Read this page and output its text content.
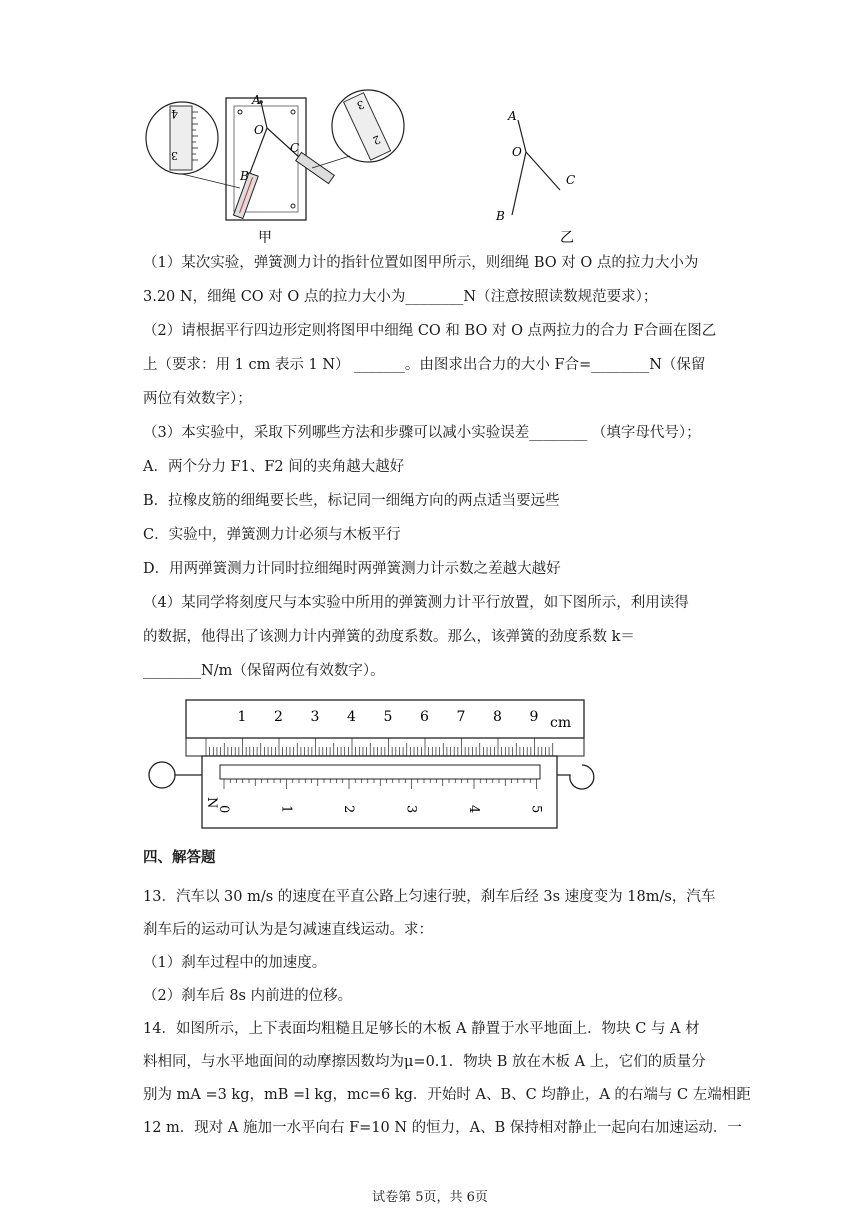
4
3
3
2
A
O
C
B
甲
A
O
C
B
乙
（1）某次实验，弹簧测力计的指针位置如图甲所示，则细绳 BO 对 O 点的拉力大小为
3.20 N，细绳 CO 对 O 点的拉力大小为________N（注意按照读数规范要求）；
（2）请根据平行四边形定则将图甲中细绳 CO 和 BO 对 O 点两拉力的合力 F合画在图乙
上（要求：用 1 cm 表示 1 N） _______。由图求出合力的大小 F合=________N（保留
两位有效数字）；
（3）本实验中，采取下列哪些方法和步骤可以减小实验误差________ （填字母代号）；
A．两个分力 F1、F2 间的夹角越大越好
B．拉橡皮筋的细绳要长些，标记同一细绳方向的两点适当要远些
C．实验中，弹簧测力计必须与木板平行
D．用两弹簧测力计同时拉细绳时两弹簧测力计示数之差越大越好
（4）某同学将刻度尺与本实验中所用的弹簧测力计平行放置，如下图所示，利用读得
的数据，他得出了该测力计内弹簧的劲度系数。那么，该弹簧的劲度系数 k＝
________N/m（保留两位有效数字）。
cm
N
1 2 3 4 5 6 7 8 9
0	1	2	3	4	5
四、解答题
13．汽车以 30 m/s 的速度在平直公路上匀速行驶，刹车后经 3s 速度变为 18m/s，汽车
刹车后的运动可认为是匀减速直线运动。求：
（1）刹车过程中的加速度。
（2）刹车后 8s 内前进的位移。
14．如图所示，上下表面均粗糙且足够长的木板 A 静置于水平地面上．物块 C 与 A 材
料相同，与水平地面间的动摩擦因数均为μ=0.1．物块 B 放在木板 A 上，它们的质量分
别为 mA =3 kg，mB =l kg，mc=6 kg．开始时 A、B、C 均静止，A 的右端与 C 左端相距
12 m．现对 A 施加一水平向右 F=10 N 的恒力，A、B 保持相对静止一起向右加速运动．一
试卷第 5页，共 6页
